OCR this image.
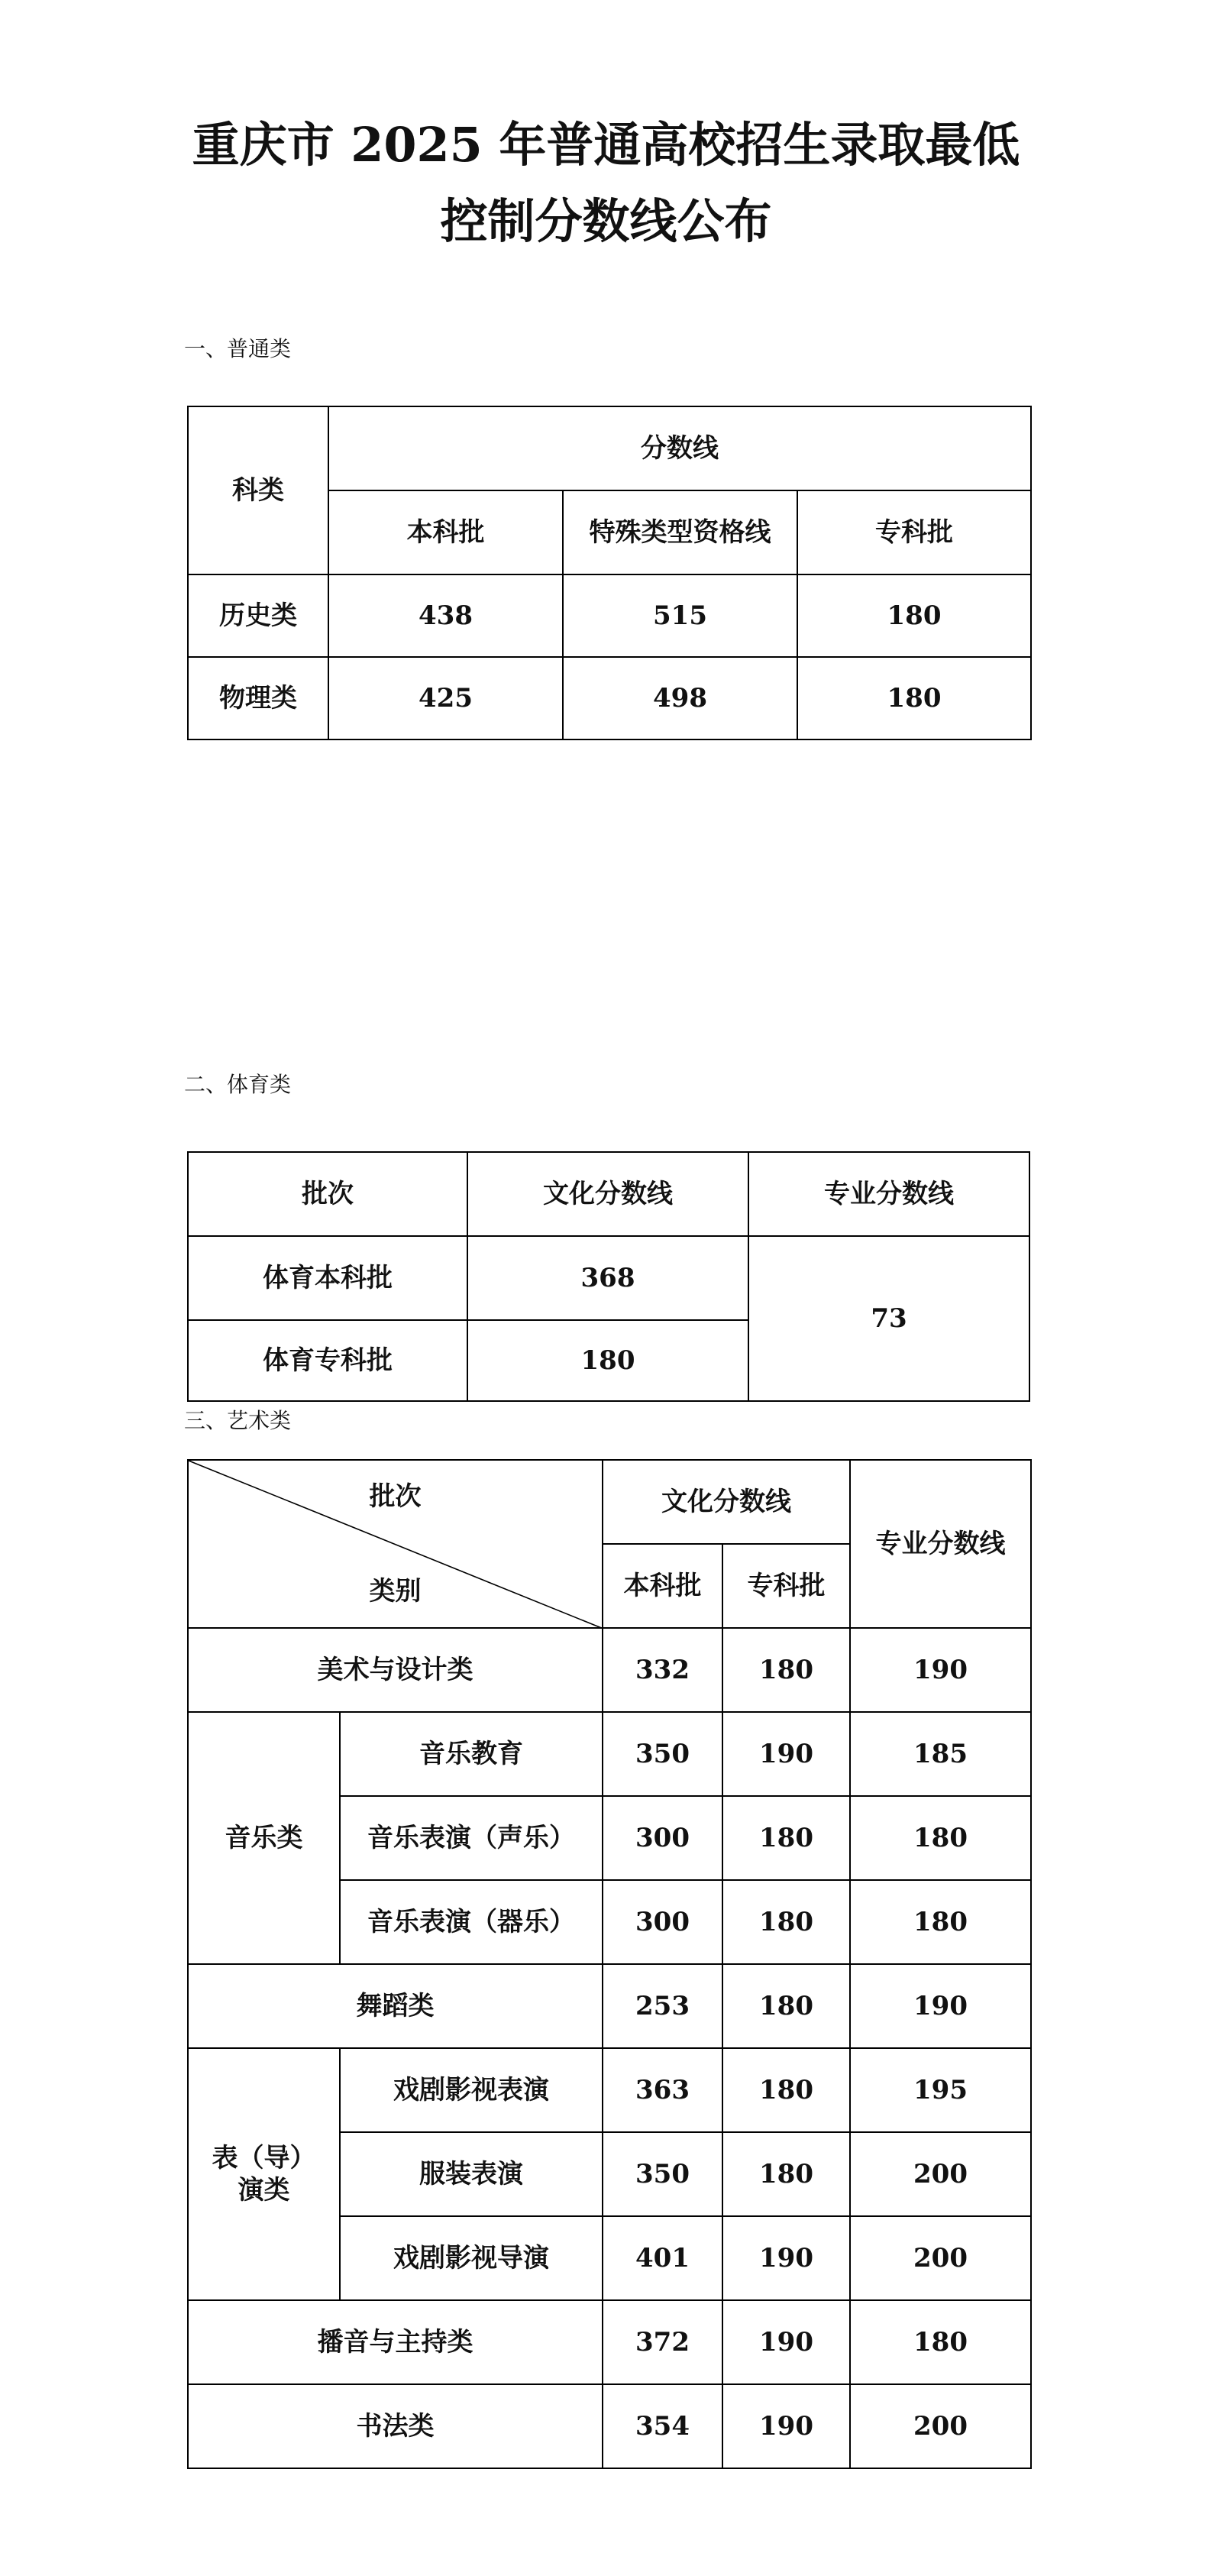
重庆市 2025 年普通高校招生录取最低
控制分数线公布
一、普通类
科类	分数线		
	本科批	特殊类型资格线	专科批
历史类	438	515	180
物理类	425	498	180
二、体育类
批次	文化分数线	专业分数线
体育本科批	368	73
体育专科批	180	
三、艺术类
批次
类别		文化分数线		专业分数线
		本科批	专科批	
美术与设计类		332	180	190
音乐类	音乐教育	350	190	185
	音乐表演（声乐）	300	180	180
	音乐表演（器乐）	300	180	180
舞蹈类		253	180	190

表（导）
演类	戏剧影视表演	363	180	195
	服装表演	350	180	200
	戏剧影视导演	401	190	200
播音与主持类		372	190	180
书法类		354	190	200
